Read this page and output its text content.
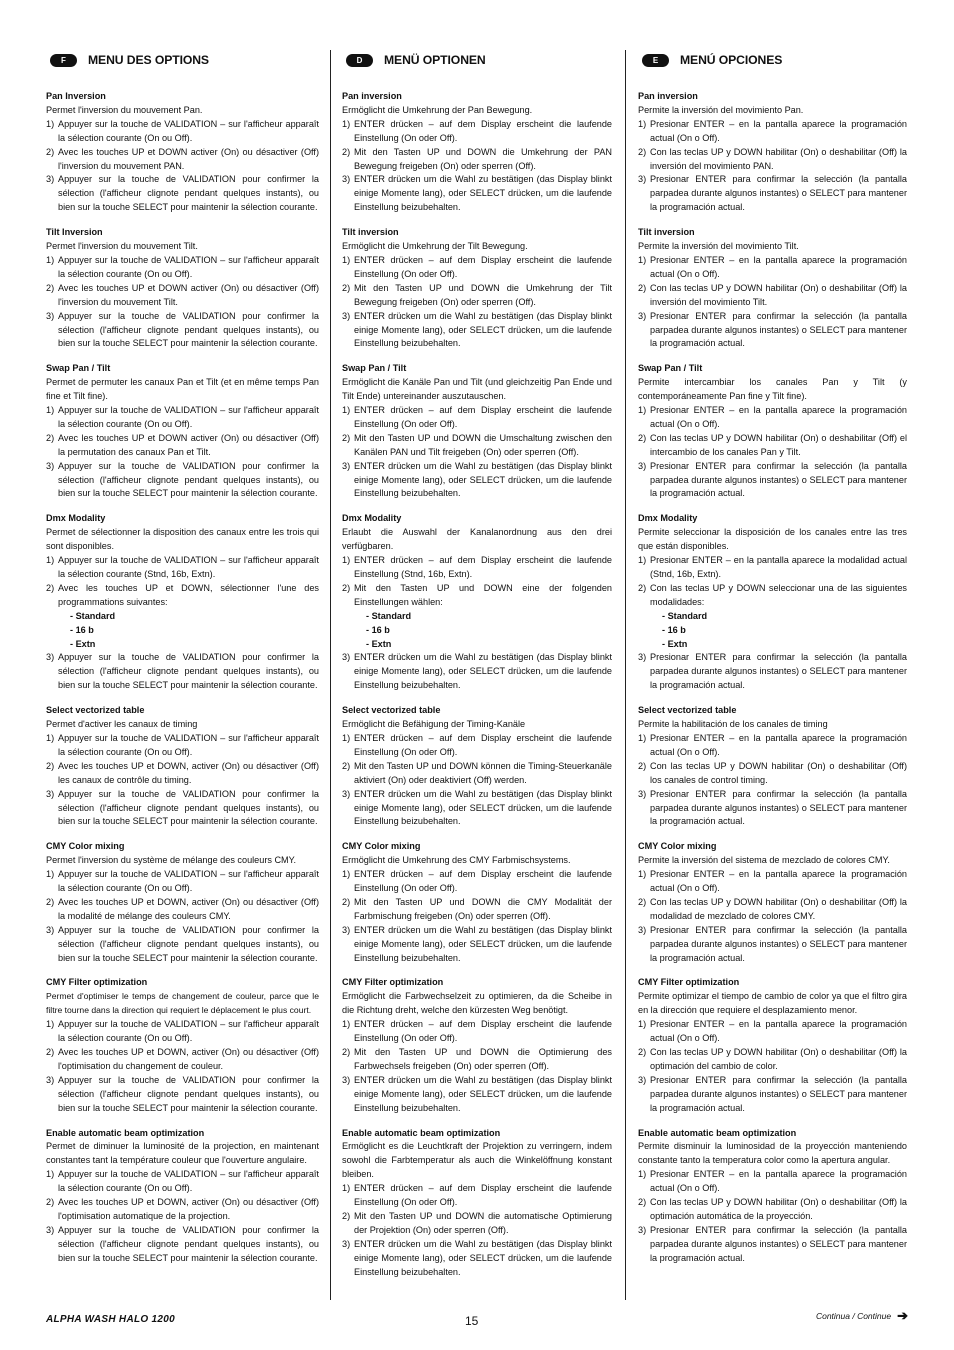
F	MENU DES OPTIONS
Pan Inversion
Permet l'inversion du mouvement Pan.
1) Appuyer sur la touche de VALIDATION – sur l'afficheur apparaît la sélection courante (On ou Off).
2) Avec les touches UP et DOWN activer (On) ou désactiver (Off) l'inversion du mouvement PAN.
3) Appuyer sur la touche de VALIDATION pour confirmer la sélection (l'afficheur clignote pendant quelques instants), ou bien sur la touche SELECT pour maintenir la sélection courante.
Tilt Inversion
Permet l'inversion du mouvement Tilt.
1) Appuyer sur la touche de VALIDATION – sur l'afficheur apparaît la sélection courante (On ou Off).
2) Avec les touches UP et DOWN activer (On) ou désactiver (Off) l'inversion du mouvement Tilt.
3) Appuyer sur la touche de VALIDATION pour confirmer la sélection (l'afficheur clignote pendant quelques instants), ou bien sur la touche SELECT pour maintenir la sélection courante.
Swap Pan / Tilt
Permet de permuter les canaux Pan et Tilt (et en même temps Pan fine et Tilt fine).
1) Appuyer sur la touche de VALIDATION – sur l'afficheur apparaît la sélection courante (On ou Off).
2) Avec les touches UP et DOWN activer (On) ou désactiver (Off) la permutation des canaux Pan et Tilt.
3) Appuyer sur la touche de VALIDATION pour confirmer la sélection (l'afficheur clignote pendant quelques instants), ou bien sur la touche SELECT pour maintenir la sélection courante.
Dmx Modality
Permet de sélectionner la disposition des canaux entre les trois qui sont disponibles.
1) Appuyer sur la touche de VALIDATION – sur l'afficheur apparaît la sélection courante (Stnd, 16b, Extn).
2) Avec les touches UP et DOWN, sélectionner l'une des programmations suivantes:
- Standard
- 16 b
- Extn
3) Appuyer sur la touche de VALIDATION pour confirmer la sélection (l'afficheur clignote pendant quelques instants), ou bien sur la touche SELECT pour maintenir la sélection courante.
Select vectorized table
Permet d'activer les canaux de timing
1) Appuyer sur la touche de VALIDATION – sur l'afficheur apparaît la sélection courante (On ou Off).
2) Avec les touches UP et DOWN, activer (On) ou désactiver (Off) les canaux de contrôle du timing.
3) Appuyer sur la touche de VALIDATION pour confirmer la sélection (l'afficheur clignote pendant quelques instants), ou bien sur la touche SELECT pour maintenir la sélection courante.
CMY Color mixing
Permet l'inversion du système de mélange des couleurs CMY.
1) Appuyer sur la touche de VALIDATION – sur l'afficheur apparaît la sélection courante (On ou Off).
2) Avec les touches UP et DOWN, activer (On) ou désactiver (Off) la modalité de mélange des couleurs CMY.
3) Appuyer sur la touche de VALIDATION pour confirmer la sélection (l'afficheur clignote pendant quelques instants), ou bien sur la touche SELECT pour maintenir la sélection courante.
CMY Filter optimization
Permet d'optimiser le temps de changement de couleur, parce que le filtre tourne dans la direction qui requiert le déplacement le plus court.
1) Appuyer sur la touche de VALIDATION – sur l'afficheur apparaît la sélection courante (On ou Off).
2) Avec les touches UP et DOWN, activer (On) ou désactiver (Off) l'optimisation du changement de couleur.
3) Appuyer sur la touche de VALIDATION pour confirmer la sélection (l'afficheur clignote pendant quelques instants), ou bien sur la touche SELECT pour maintenir la sélection courante.
Enable automatic beam optimization
Permet de diminuer la luminosité de la projection, en maintenant constantes tant la température couleur que l'ouverture angulaire.
1) Appuyer sur la touche de VALIDATION – sur l'afficheur apparaît la sélection courante (On ou Off).
2) Avec les touches UP et DOWN, activer (On) ou désactiver (Off) l'optimisation automatique de la projection.
3) Appuyer sur la touche de VALIDATION pour confirmer la sélection (l'afficheur clignote pendant quelques instants), ou bien sur la touche SELECT pour maintenir la sélection courante.
D	MENÜ OPTIONEN
Pan inversion
Ermöglicht die Umkehrung der Pan Bewegung.
1) ENTER drücken – auf dem Display erscheint die laufende Einstellung (On oder Off).
2) Mit den Tasten UP und DOWN die Umkehrung der PAN Bewegung freigeben (On) oder sperren (Off).
3) ENTER drücken um die Wahl zu bestätigen (das Display blinkt einige Momente lang), oder SELECT drücken, um die laufende Einstellung beizubehalten.
Tilt inversion
Ermöglicht die Umkehrung der Tilt Bewegung.
1) ENTER drücken – auf dem Display erscheint die laufende Einstellung (On oder Off).
2) Mit den Tasten UP und DOWN die Umkehrung der Tilt Bewegung freigeben (On) oder sperren (Off).
3) ENTER drücken um die Wahl zu bestätigen (das Display blinkt einige Momente lang), oder SELECT drücken, um die laufende Einstellung beizubehalten.
Swap Pan / Tilt
Ermöglicht die Kanäle Pan und Tilt (und gleichzeitig Pan Ende und Tilt Ende) untereinander auszutauschen.
1) ENTER drücken – auf dem Display erscheint die laufende Einstellung (On oder Off).
2) Mit den Tasten UP und DOWN die Umschaltung zwischen den Kanälen PAN und Tilt freigeben (On) oder sperren (Off).
3) ENTER drücken um die Wahl zu bestätigen (das Display blinkt einige Momente lang), oder SELECT drücken, um die laufende Einstellung beizubehalten.
Dmx Modality
Erlaubt die Auswahl der Kanalanordnung aus den drei verfügbaren.
1) ENTER drücken – auf dem Display erscheint die laufende Einstellung (Stnd, 16b, Extn).
2) Mit den Tasten UP und DOWN eine der folgenden Einstellungen wählen:
- Standard
- 16 b
- Extn
3) ENTER drücken um die Wahl zu bestätigen (das Display blinkt einige Momente lang), oder SELECT drücken, um die laufende Einstellung beizubehalten.
Select vectorized table
Ermöglicht die Befähigung der Timing-Kanäle
1) ENTER drücken – auf dem Display erscheint die laufende Einstellung (On oder Off).
2) Mit den Tasten UP und DOWN können die Timing-Steuerkanäle aktiviert (On) oder deaktiviert (Off) werden.
3) ENTER drücken um die Wahl zu bestätigen (das Display blinkt einige Momente lang), oder SELECT drücken, um die laufende Einstellung beizubehalten.
CMY Color mixing
Ermöglicht die Umkehrung des CMY Farbmischsystems.
1) ENTER drücken – auf dem Display erscheint die laufende Einstellung (On oder Off).
2) Mit den Tasten UP und DOWN die CMY Modalität der Farbmischung freigeben (On) oder sperren (Off).
3) ENTER drücken um die Wahl zu bestätigen (das Display blinkt einige Momente lang), oder SELECT drücken, um die laufende Einstellung beizubehalten.
CMY Filter optimization
Ermöglicht die Farbwechselzeit zu optimieren, da die Scheibe in die Richtung dreht, welche den kürzesten Weg benötigt.
1) ENTER drücken – auf dem Display erscheint die laufende Einstellung (On oder Off).
2) Mit den Tasten UP und DOWN die Optimierung des Farbwechsels freigeben (On) oder sperren (Off).
3) ENTER drücken um die Wahl zu bestätigen (das Display blinkt einige Momente lang), oder SELECT drücken, um die laufende Einstellung beizubehalten.
Enable automatic beam optimization
Ermöglicht es die Leuchtkraft der Projektion zu verringern, indem sowohl die Farbtemperatur als auch die Winkelöffnung konstant bleiben.
1) ENTER drücken – auf dem Display erscheint die laufende Einstellung (On oder Off).
2) Mit den Tasten UP und DOWN die automatische Optimierung der Projektion (On) oder sperren (Off).
3) ENTER drücken um die Wahl zu bestätigen (das Display blinkt einige Momente lang), oder SELECT drücken, um die laufende Einstellung beizubehalten.
E	MENÚ OPCIONES
Pan inversion
Permite la inversión del movimiento Pan.
1) Presionar ENTER – en la pantalla aparece la programación actual (On o Off).
2) Con las teclas UP y DOWN habilitar (On) o deshabilitar (Off) la inversión del movimiento PAN.
3) Presionar ENTER para confirmar la selección (la pantalla parpadea durante algunos instantes) o SELECT para mantener la programación actual.
Tilt inversion
Permite la inversión del movimiento Tilt.
1) Presionar ENTER – en la pantalla aparece la programación actual (On o Off).
2) Con las teclas UP y DOWN habilitar (On) o deshabilitar (Off) la inversión del movimiento Tilt.
3) Presionar ENTER para confirmar la selección (la pantalla parpadea durante algunos instantes) o SELECT para mantener la programación actual.
Swap Pan / Tilt
Permite intercambiar los canales Pan y Tilt (y contemporáneamente Pan fine y Tilt fine).
1) Presionar ENTER – en la pantalla aparece la programación actual (On o Off).
2) Con las teclas UP y DOWN habilitar (On) o deshabilitar (Off) el intercambio de los canales Pan y Tilt.
3) Presionar ENTER para confirmar la selección (la pantalla parpadea durante algunos instantes) o SELECT para mantener la programación actual.
Dmx Modality
Permite seleccionar la disposición de los canales entre las tres que están disponibles.
1) Presionar ENTER – en la pantalla aparece la modalidad actual (Stnd, 16b, Extn).
2) Con las teclas UP y DOWN seleccionar una de las siguientes modalidades:
- Standard
- 16 b
- Extn
3) Presionar ENTER para confirmar la selección (la pantalla parpadea durante algunos instantes) o SELECT para mantener la programación actual.
Select vectorized table
Permite la habilitación de los canales de timing
1) Presionar ENTER – en la pantalla aparece la programación actual (On o Off).
2) Con las teclas UP y DOWN habilitar (On) o deshabilitar (Off) los canales de control timing.
3) Presionar ENTER para confirmar la selección (la pantalla parpadea durante algunos instantes) o SELECT para mantener la programación actual.
CMY Color mixing
Permite la inversión del sistema de mezclado de colores CMY.
1) Presionar ENTER – en la pantalla aparece la programación actual (On o Off).
2) Con las teclas UP y DOWN habilitar (On) o deshabilitar (Off) la modalidad de mezclado de colores CMY.
3) Presionar ENTER para confirmar la selección (la pantalla parpadea durante algunos instantes) o SELECT para mantener la programación actual.
CMY Filter optimization
Permite optimizar el tiempo de cambio de color ya que el filtro gira en la dirección que requiere el desplazamiento menor.
1) Presionar ENTER – en la pantalla aparece la programación actual (On o Off).
2) Con las teclas UP y DOWN habilitar (On) o deshabilitar (Off) la optimación del cambio de color.
3) Presionar ENTER para confirmar la selección (la pantalla parpadea durante algunos instantes) o SELECT para mantener la programación actual.
Enable automatic beam optimization
Permite disminuir la luminosidad de la proyección manteniendo constante tanto la temperatura color como la apertura angular.
1) Presionar ENTER – en la pantalla aparece la programación actual (On o Off).
2) Con las teclas UP y DOWN habilitar (On) o deshabilitar (Off) la optimación automática de la proyección.
3) Presionar ENTER para confirmar la selección (la pantalla parpadea durante algunos instantes) o SELECT para mantener la programación actual.
ALPHA WASH HALO 1200	15	Continua / Continue ➔
